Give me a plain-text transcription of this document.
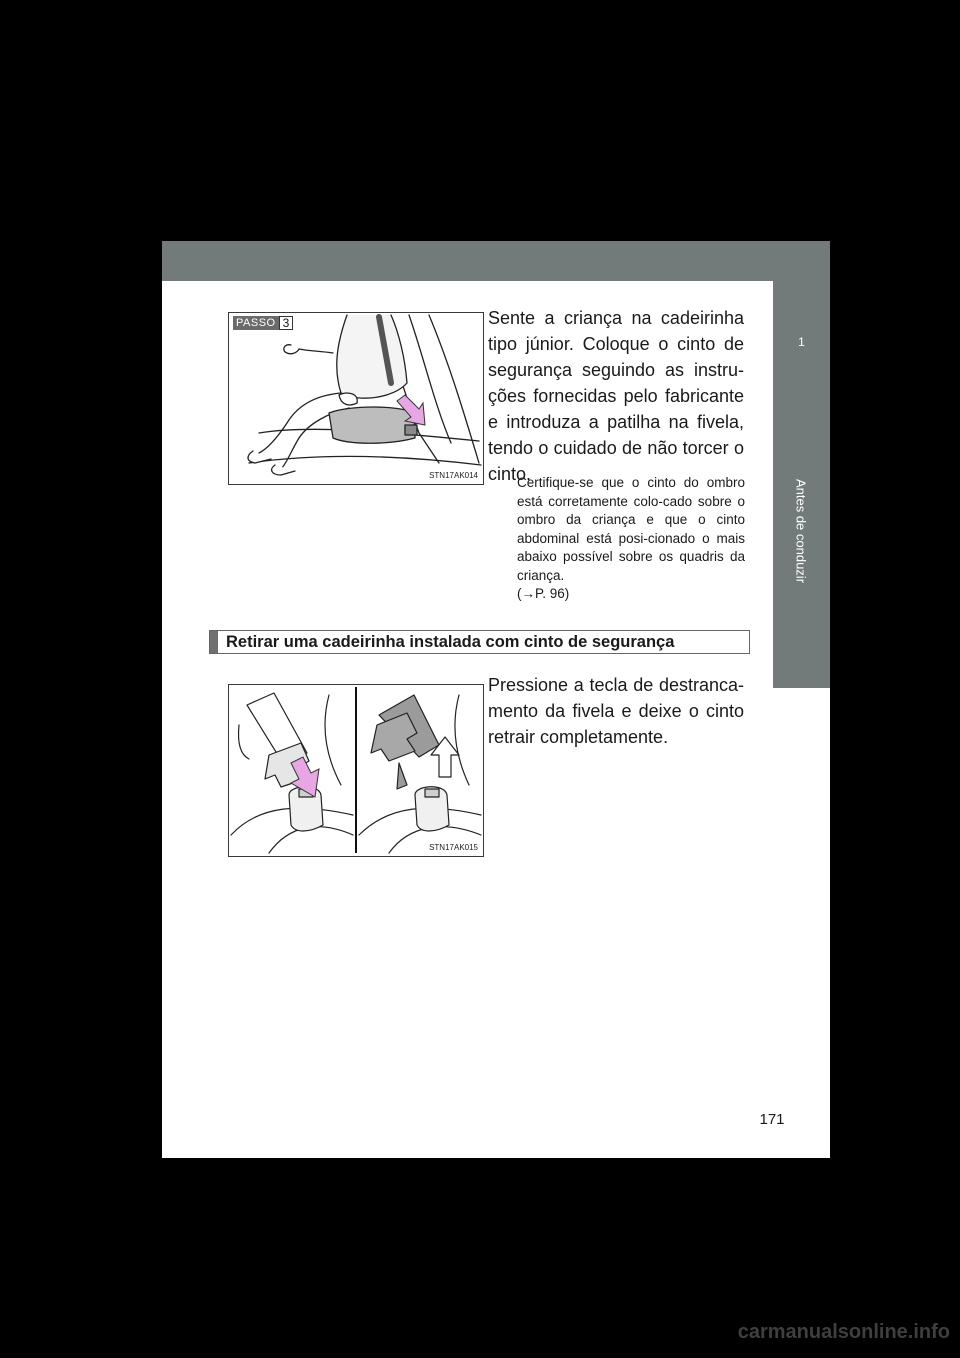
1
Antes de conduzir
PASSO 3
STN17AK014
Sente a criança na cadeirinha tipo júnior. Coloque o cinto de segurança seguindo as instru-ções fornecidas pelo fabricante e introduza a patilha na fivela, tendo o cuidado de não torcer o cinto.
Certifique-se que o cinto do ombro está corretamente colo-cado sobre o ombro da criança e que o cinto abdominal está posi-cionado o mais abaixo possível sobre os quadris da criança.
(→P. 96)
Retirar uma cadeirinha instalada com cinto de segurança
STN17AK015
Pressione a tecla de destranca-mento da fivela e deixe o cinto retrair completamente.
171
carmanualsonline.info
